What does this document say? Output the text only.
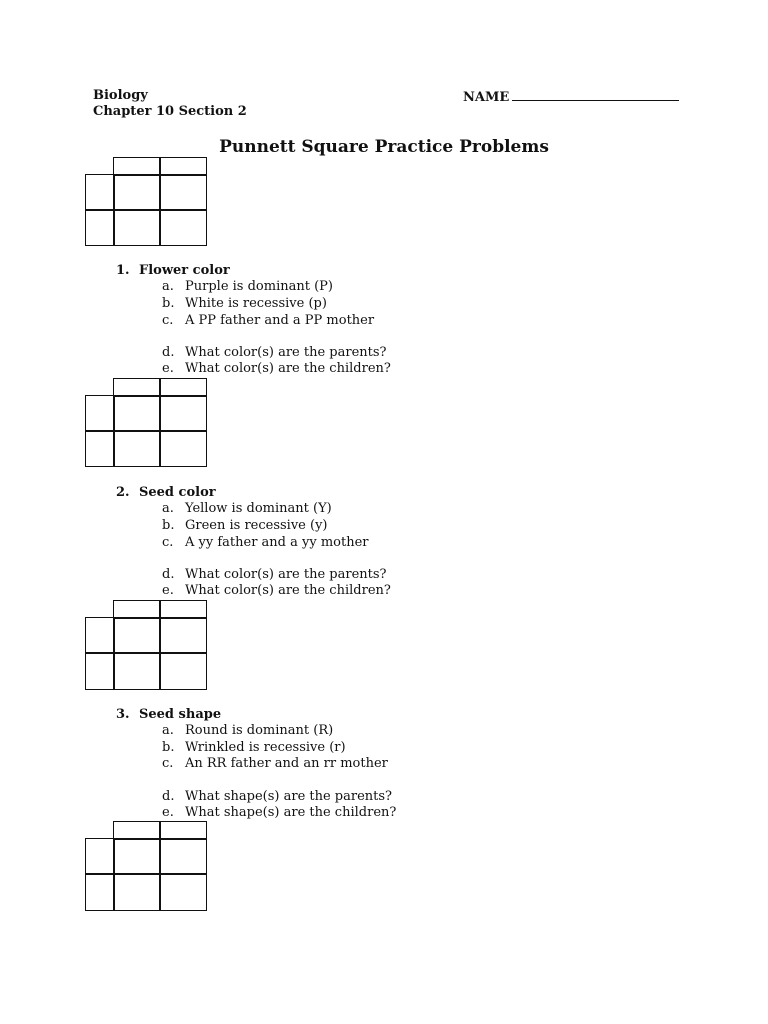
Biology
Chapter 10 Section 2
NAME
Punnett Square Practice Problems
1. Flower color
a. Purple is dominant (P)
b. White is recessive (p)
c. A PP father and a PP mother
d. What color(s) are the parents?
e. What color(s) are the children?
2. Seed color
a. Yellow is dominant (Y)
b. Green is recessive (y)
c. A yy father and a yy mother
d. What color(s) are the parents?
e. What color(s) are the children?
3. Seed shape
a. Round is dominant (R)
b. Wrinkled is recessive (r)
c. An RR father and an rr mother
d. What shape(s) are the parents?
e. What shape(s) are the children?
